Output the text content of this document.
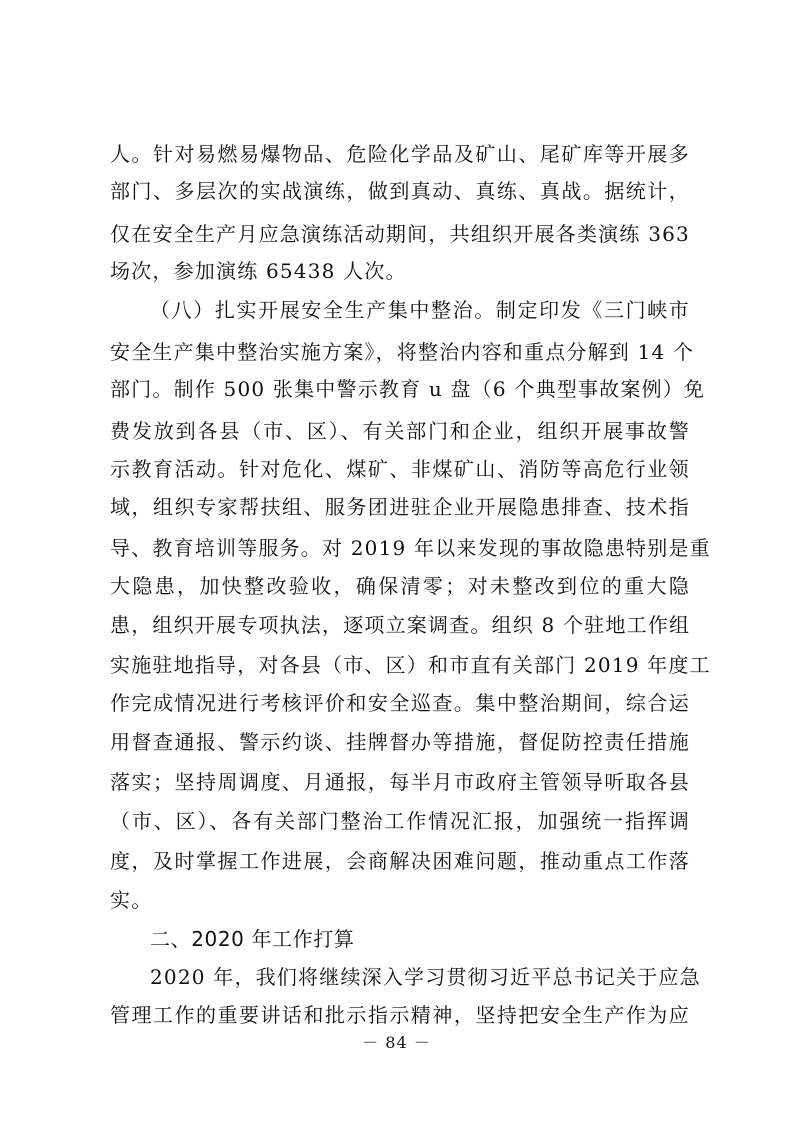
人。针对易燃易爆物品、危险化学品及矿山、尾矿库等开展多
部门、多层次的实战演练，做到真动、真练、真战。据统计，
仅在安全生产月应急演练活动期间，共组织开展各类演练 363
场次，参加演练 65438 人次。
（八）扎实开展安全生产集中整治。制定印发《三门峡市
安全生产集中整治实施方案》，将整治内容和重点分解到 14 个
部门。制作 500 张集中警示教育 u 盘（6 个典型事故案例）免
费发放到各县（市、区）、有关部门和企业，组织开展事故警
示教育活动。针对危化、煤矿、非煤矿山、消防等高危行业领
域，组织专家帮扶组、服务团进驻企业开展隐患排查、技术指
导、教育培训等服务。对 2019 年以来发现的事故隐患特别是重
大隐患，加快整改验收，确保清零；对未整改到位的重大隐
患，组织开展专项执法，逐项立案调查。组织 8 个驻地工作组
实施驻地指导，对各县（市、区）和市直有关部门 2019 年度工
作完成情况进行考核评价和安全巡查。集中整治期间，综合运
用督查通报、警示约谈、挂牌督办等措施，督促防控责任措施
落实；坚持周调度、月通报，每半月市政府主管领导听取各县
（市、区）、各有关部门整治工作情况汇报，加强统一指挥调
度，及时掌握工作进展，会商解决困难问题，推动重点工作落
实。
二、2020 年工作打算
2020 年，我们将继续深入学习贯彻习近平总书记关于应急
管理工作的重要讲话和批示指示精神，坚持把安全生产作为应
－ 84 －
